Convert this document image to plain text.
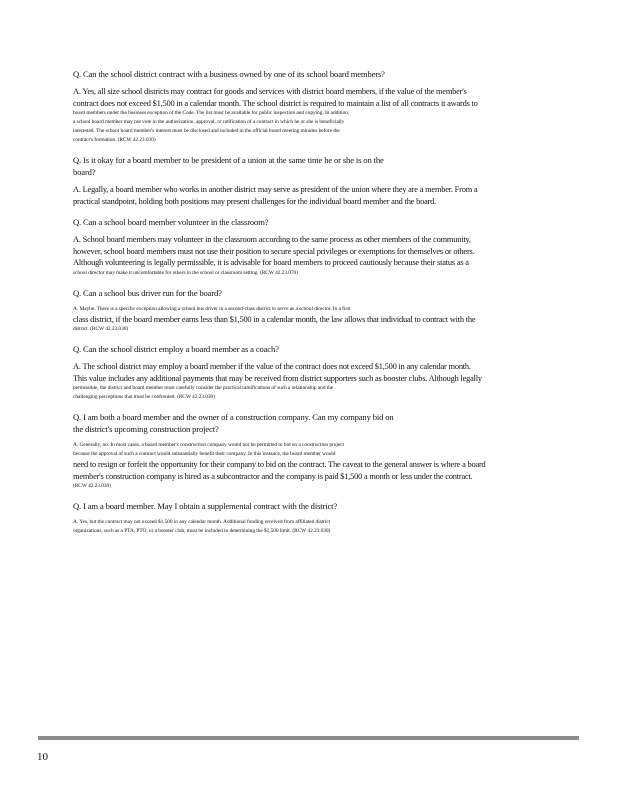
Q. Can the school district contract with a business owned by one of its school board members?

A. Yes, all size school districts may contract for goods and services with district board members, if the value of the member's

contract does not exceed $1,500 in a calendar month. The school district is required to maintain a list of all contracts it awards to

board members under the business exception of the Code. The list must be available for public inspection and copying. In addition,

a school board member may not vote in the authorization, approval, or ratification of a contract in which he or she is beneficially

interested. The school board member's interest must be disclosed and included in the official board meeting minutes before the

contract's formation. (RCW 42.23.030)

Q. Is it okay for a board member to be president of a union at the same time he or she is on the
board?

A. Legally, a board member who works in another district may serve as president of the union where they are a member. From a

practical standpoint, holding both positions may present challenges for the individual board member and the board.

Q. Can a school board member volunteer in the classroom?

A. School board members may volunteer in the classroom according to the same process as other members of the community,

however, school board members must not use their position to secure special privileges or exemptions for themselves or others.

Although volunteering is legally permissible, it is advisable for board members to proceed cautiously because their status as a

school director may make it uncomfortable for others in the school or classroom setting. (RCW 42.23.070)

Q. Can a school bus driver run for the board?

A. Maybe. There is a specific exception allowing a school bus driver in a second-class district to serve as a school director. In a first

class district, if the board member earns less than $1,500 in a calendar month, the law allows that individual to contract with the

district. (RCW 42.23.030)

Q. Can the school district employ a board member as a coach?

A. The school district may employ a board member if the value of the contract does not exceed $1,500 in any calendar month.

This value includes any additional payments that may be received from district supporters such as booster clubs. Although legally

permissible, the district and board member must carefully consider the practical ramifications of such a relationship and the

challenging perceptions that must be confronted. (RCW 42.23.030)

Q. I am both a board member and the owner of a construction company. Can my company bid on
the district's upcoming construction project?

A. Generally, no. In most cases, a board member's construction company would not be permitted to bid on a construction project

because the approval of such a contract would substantially benefit their company. In this instance, the board member would

need to resign or forfeit the opportunity for their company to bid on the contract. The caveat to the general answer is where a board

member's construction company is hired as a subcontractor and the company is paid $1,500 a month or less under the contract.

(RCW 42.23.030)

Q. I am a board member. May I obtain a supplemental contract with the district?

A. Yes, but the contract may not exceed $1,500 in any calendar month. Additional funding received from affiliated district

organizations, such as a PTA, PTO, or a booster club, must be included in determining the $1,500 limit. (RCW 42.23.030)

10
